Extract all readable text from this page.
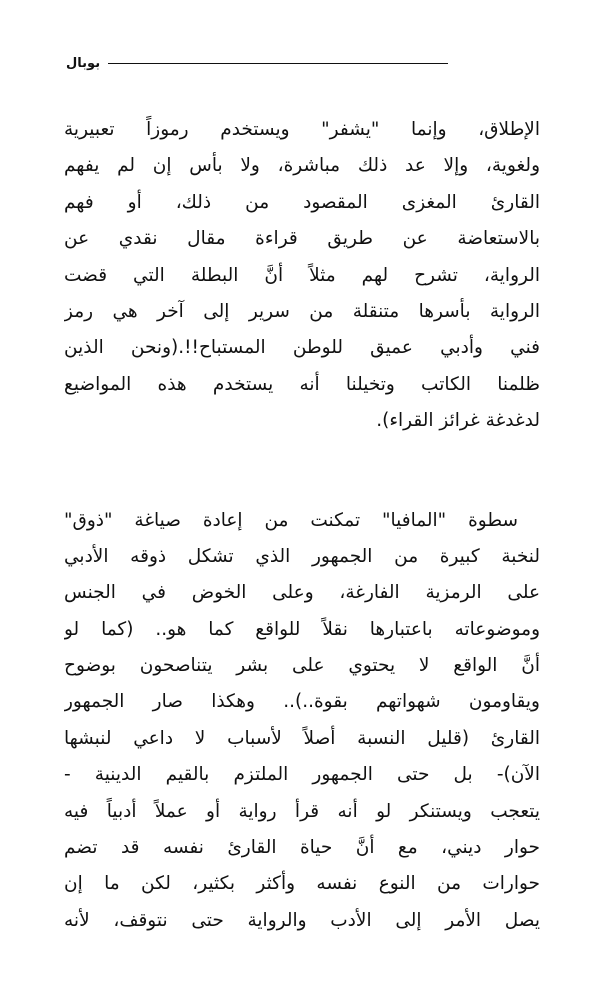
بوبال
الإطلاق، وإنما "يشفر" ويستخدم رموزاً تعبيرية
ولغوية، وإلا عد ذلك مباشرة، ولا بأس إن لم يفهم
القارئ المغزى المقصود من ذلك، أو فهم
بالاستعاضة عن طريق قراءة مقال نقدي عن
الرواية، تشرح لهم مثلاً أنَّ البطلة التي قضت
الرواية بأسرها متنقلة من سرير إلى آخر هي رمز
فني وأدبي عميق للوطن المستباح!!.(ونحن الذين
ظلمنا الكاتب وتخيلنا أنه يستخدم هذه المواضيع
لدغدغة غرائز القراء).
سطوة "المافيا" تمكنت من إعادة صياغة "ذوق"
لنخبة كبيرة من الجمهور الذي تشكل ذوقه الأدبي
على الرمزية الفارغة، وعلى الخوض في الجنس
وموضوعاته باعتبارها نقلاً للواقع كما هو.. (كما لو
أنَّ الواقع لا يحتوي على بشر يتناصحون بوضوح
ويقاومون شهواتهم بقوة..).. وهكذا صار الجمهور
القارئ (قليل النسبة أصلاً لأسباب لا داعي لنبشها
الآن)- بل حتى الجمهور الملتزم بالقيم الدينية -
يتعجب ويستنكر لو أنه قرأ رواية أو عملاً أدبياً فيه
حوار ديني، مع أنَّ حياة القارئ نفسه قد تضم
حوارات من النوع نفسه وأكثر بكثير، لكن ما إن
يصل الأمر إلى الأدب والرواية حتى نتوقف، لأنه
